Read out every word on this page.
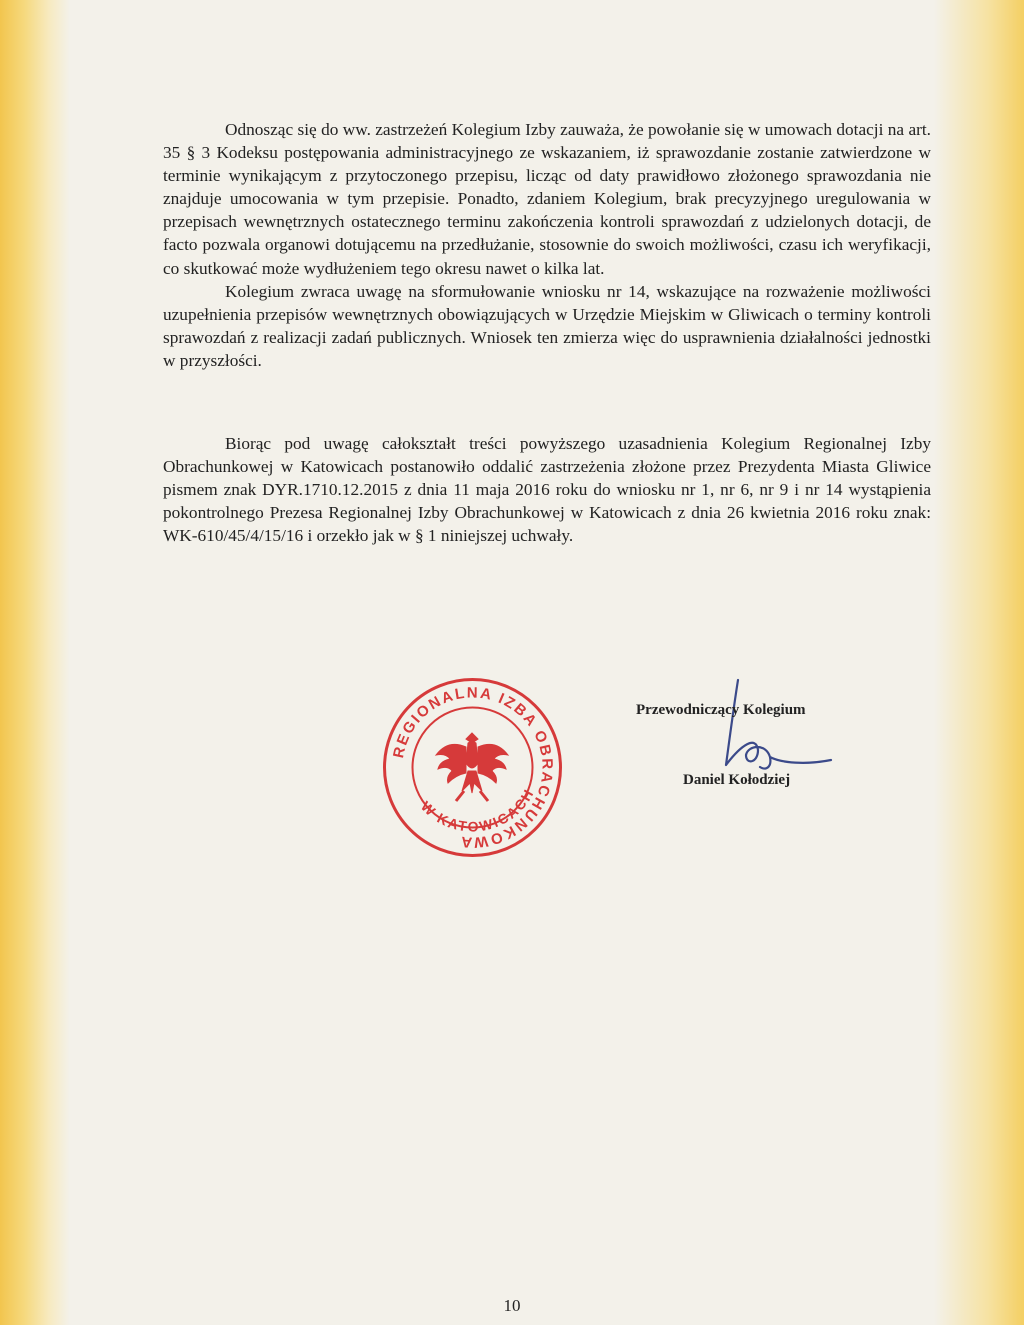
Odnosząc się do ww. zastrzeżeń Kolegium Izby zauważa, że powołanie się w umowach dotacji na art. 35 § 3 Kodeksu postępowania administracyjnego ze wskazaniem, iż sprawozdanie zostanie zatwierdzone w terminie wynikającym z przytoczonego przepisu, licząc od daty prawidłowo złożonego sprawozdania nie znajduje umocowania w tym przepisie. Ponadto, zdaniem Kolegium, brak precyzyjnego uregulowania w przepisach wewnętrznych ostatecznego terminu zakończenia kontroli sprawozdań z udzielonych dotacji, de facto pozwala organowi dotującemu na przedłużanie, stosownie do swoich możliwości, czasu ich weryfikacji, co skutkować może wydłużeniem tego okresu nawet o kilka lat.

Kolegium zwraca uwagę na sformułowanie wniosku nr 14, wskazujące na rozważenie możliwości uzupełnienia przepisów wewnętrznych obowiązujących w Urzędzie Miejskim w Gliwicach o terminy kontroli sprawozdań z realizacji zadań publicznych. Wniosek ten zmierza więc do usprawnienia działalności jednostki w przyszłości.

Biorąc pod uwagę całokształt treści powyższego uzasadnienia Kolegium Regionalnej Izby Obrachunkowej w Katowicach postanowiło oddalić zastrzeżenia złożone przez Prezydenta Miasta Gliwice pismem znak DYR.1710.12.2015 z dnia 11 maja 2016 roku do wniosku nr 1, nr 6, nr 9 i nr 14 wystąpienia pokontrolnego Prezesa Regionalnej Izby Obrachunkowej w Katowicach z dnia 26 kwietnia 2016 roku znak: WK-610/45/4/15/16 i orzekło jak w § 1 niniejszej uchwały.

REGIONALNA IZBA OBRACHUNKOWA
W KATOWICACH
Przewodniczący Kolegium
Daniel Kołodziej
10
